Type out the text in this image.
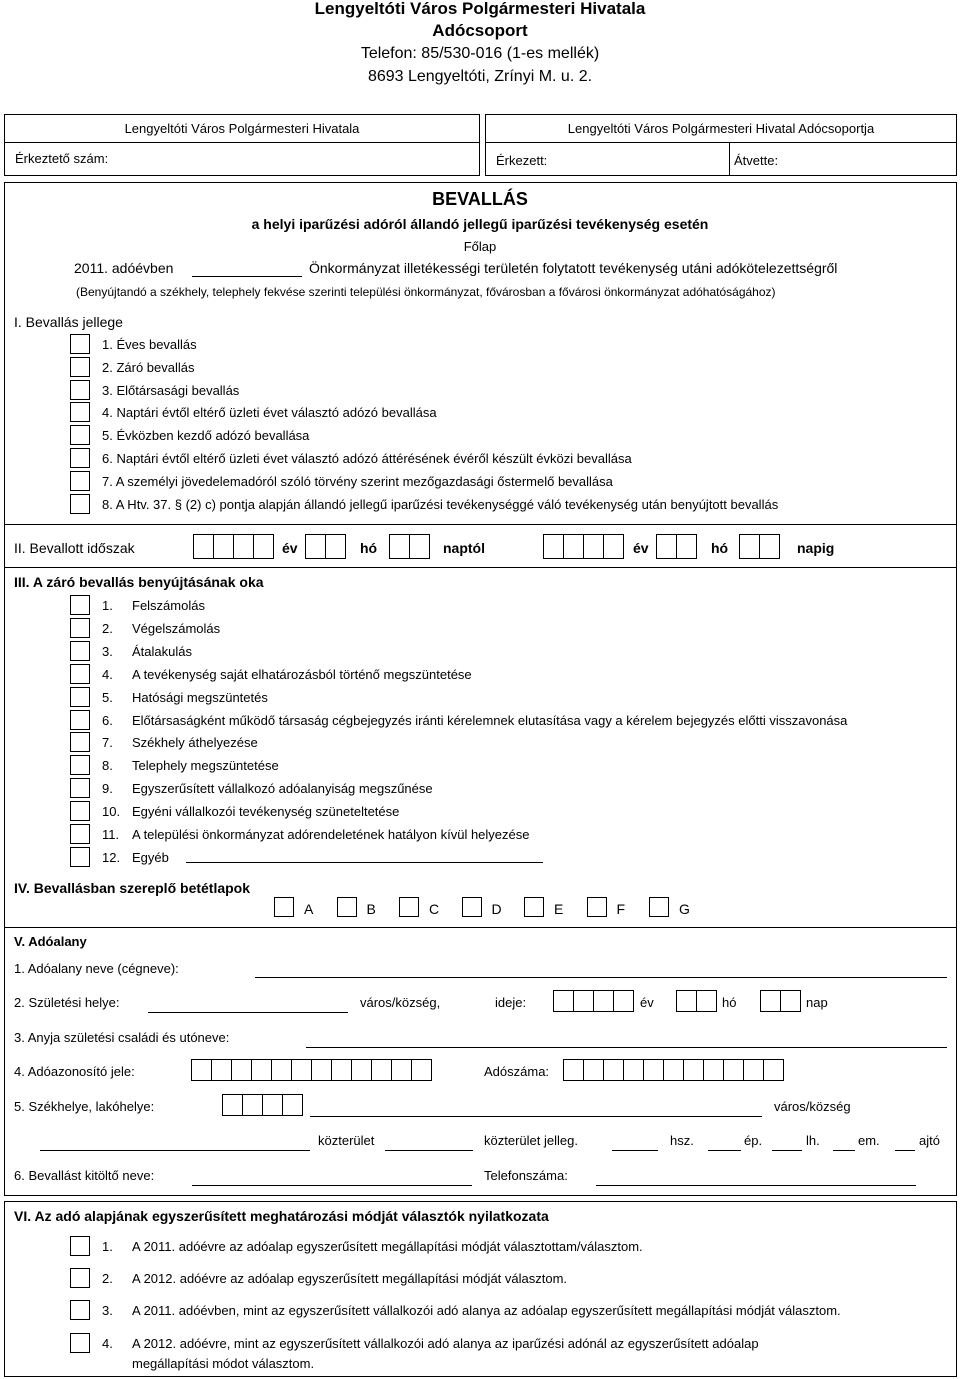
Lengyeltóti Város Polgármesteri Hivatala
Adócsoport
Telefon: 85/530-016 (1-es mellék)
8693 Lengyeltóti, Zrínyi M. u. 2.
Lengyeltóti Város Polgármesteri Hivatala
Érkeztető szám:
Lengyeltóti Város Polgármesteri Hivatal Adócsoportja
Érkezett:	Átvette:
BEVALLÁS
a helyi iparűzési adóról állandó jellegű iparűzési tevékenység esetén
Főlap
2011. adóévben	Önkormányzat illetékességi területén folytatott tevékenység utáni adókötelezettségről
(Benyújtandó a székhely, telephely fekvése szerinti települési önkormányzat, fővárosban a fővárosi önkormányzat adóhatóságához)
I. Bevallás jellege
1. Éves bevallás
2. Záró bevallás
3. Előtársasági bevallás
4. Naptári évtől eltérő üzleti évet választó adózó bevallása
5. Évközben kezdő adózó bevallása
6. Naptári évtől eltérő üzleti évet választó adózó áttérésének évéről készült évközi bevallása
7. A személyi jövedelemadóról szóló törvény szerint mezőgazdasági őstermelő bevallása
8. A Htv. 37. § (2) c) pontja alapján állandó jellegű iparűzési tevékenységgé váló tevékenység után benyújtott bevallás
II. Bevallott időszak	év	hó	naptól	év	hó	napig
III. A záró bevallás benyújtásának oka
1. Felszámolás
2. Végelszámolás
3. Átalakulás
4. A tevékenység saját elhatározásból történő megszüntetése
5. Hatósági megszüntetés
6. Előtársaságként működő társaság cégbejegyzés iránti kérelemnek elutasítása vagy a kérelem bejegyzés előtti visszavonása
7. Székhely áthelyezése
8. Telephely megszüntetése
9. Egyszerűsített vállalkozó adóalanyiság megszűnése
10. Egyéni vállalkozói tevékenység szüneteltetése
11. A települési önkormányzat adórendeletének hatályon kívül helyezése
12. Egyéb
IV. Bevallásban szereplő betétlapok
A	B	C	D	E	F	G
V. Adóalany
1. Adóalany neve (cégneve):
2. Születési helye:	város/község,	ideje:	év	hó	nap
3. Anyja születési családi és utóneve:
4. Adóazonosító jele:	Adószáma:
5. Székhelye, lakóhelye:	város/község
közterület	közterület jelleg.	hsz.	ép.	lh.	em.	ajtó
6. Bevallást kitöltő neve:	Telefonszáma:
VI. Az adó alapjának egyszerűsített meghatározási módját választók nyilatkozata
1. A 2011. adóévre az adóalap egyszerűsített megállapítási módját választottam/választom.
2. A 2012. adóévre az adóalap egyszerűsített megállapítási módját választom.
3. A 2011. adóévben, mint az egyszerűsített vállalkozói adó alanya az adóalap egyszerűsített megállapítási módját választom.
4. A 2012. adóévre, mint az egyszerűsített vállalkozói adó alanya az iparűzési adónál az egyszerűsített adóalap
megállapítási módot választom.
